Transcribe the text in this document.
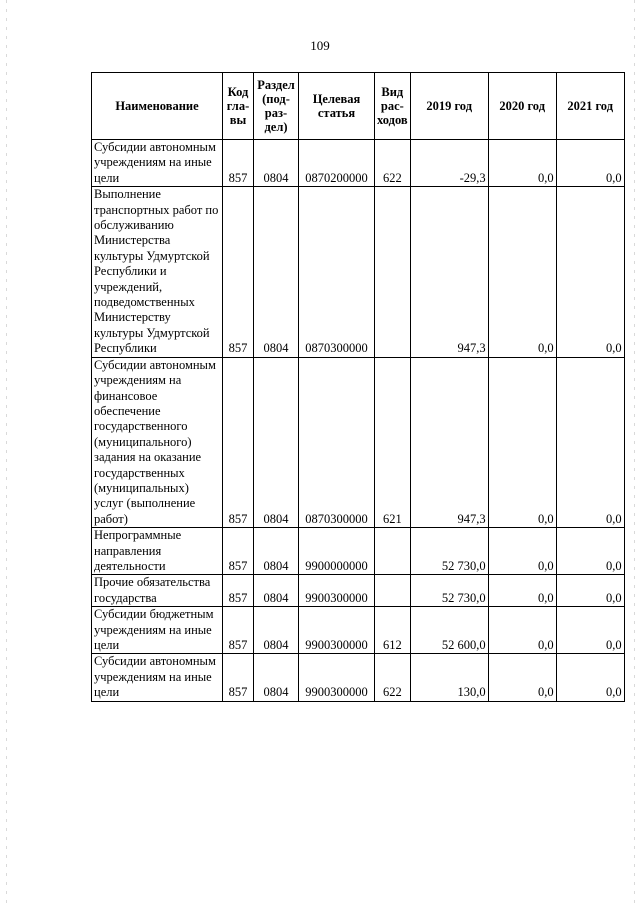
109
Наименование	Код гла-вы	Раздел (под-раз-дел)	Целевая статья	Вид рас-ходов	2019 год	2020 год	2021 год
Субсидии автономным учреждениям на иные цели	857	0804	0870200000	622	-29,3	0,0	0,0
Выполнение транспортных работ по обслуживанию Министерства культуры Удмуртской Республики и учреждений, подведомственных Министерству культуры Удмуртской Республики	857	0804	0870300000		947,3	0,0	0,0
Субсидии автономным учреждениям на финансовое обеспечение государственного (муниципального) задания на оказание государственных (муниципальных) услуг (выполнение работ)	857	0804	0870300000	621	947,3	0,0	0,0
Непрограммные направления деятельности	857	0804	9900000000		52 730,0	0,0	0,0
Прочие обязательства государства	857	0804	9900300000		52 730,0	0,0	0,0
Субсидии бюджетным учреждениям на иные цели	857	0804	9900300000	612	52 600,0	0,0	0,0
Субсидии автономным учреждениям на иные цели	857	0804	9900300000	622	130,0	0,0	0,0
